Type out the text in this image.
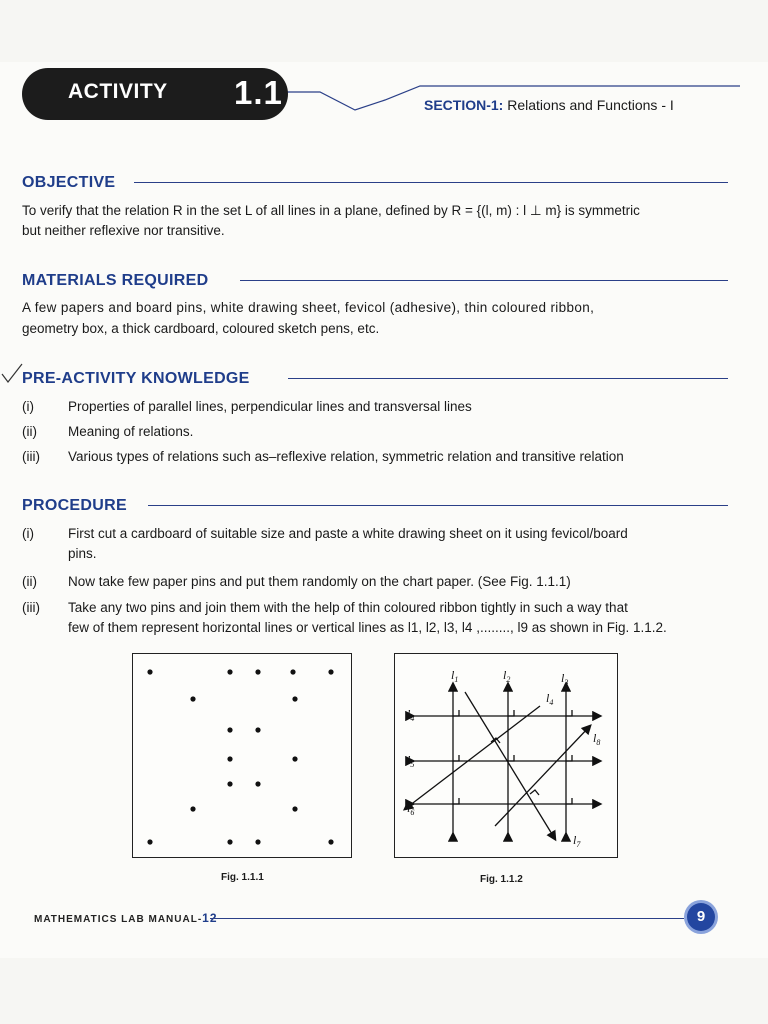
ACTIVITY 1.1	SECTION-1: Relations and Functions - I
OBJECTIVE
To verify that the relation R in the set L of all lines in a plane, defined by R = {(l, m) : l ⊥ m} is symmetric
but neither reflexive nor transitive.
MATERIALS REQUIRED
A few papers and board pins, white drawing sheet, fevicol (adhesive), thin coloured ribbon,
geometry box, a thick cardboard, coloured sketch pens, etc.
PRE-ACTIVITY KNOWLEDGE
(i)	Properties of parallel lines, perpendicular lines and transversal lines
(ii) Meaning of relations.
(iii) Various types of relations such as–reflexive relation, symmetric relation and transitive relation
PROCEDURE
(i)	First cut a cardboard of suitable size and paste a white drawing sheet on it using fevicol/board
pins.
(ii) Now take few paper pins and put them randomly on the chart paper. (See Fig. 1.1.1)
(iii) Take any two pins and join them with the help of thin coloured ribbon tightly in such a way that
few of them represent horizontal lines or vertical lines as l1, l2, l3, l4 ,........, l9 as shown in Fig. 1.1.2.
Fig. 1.1.1
$l_1$	$l_2$	$l_3$
$l_4$
$l_4$
$l_8$
$l_5$
$l_6$
$l_7$
Fig. 1.1.2
MATHEMATICS LAB MANUAL-12	9
